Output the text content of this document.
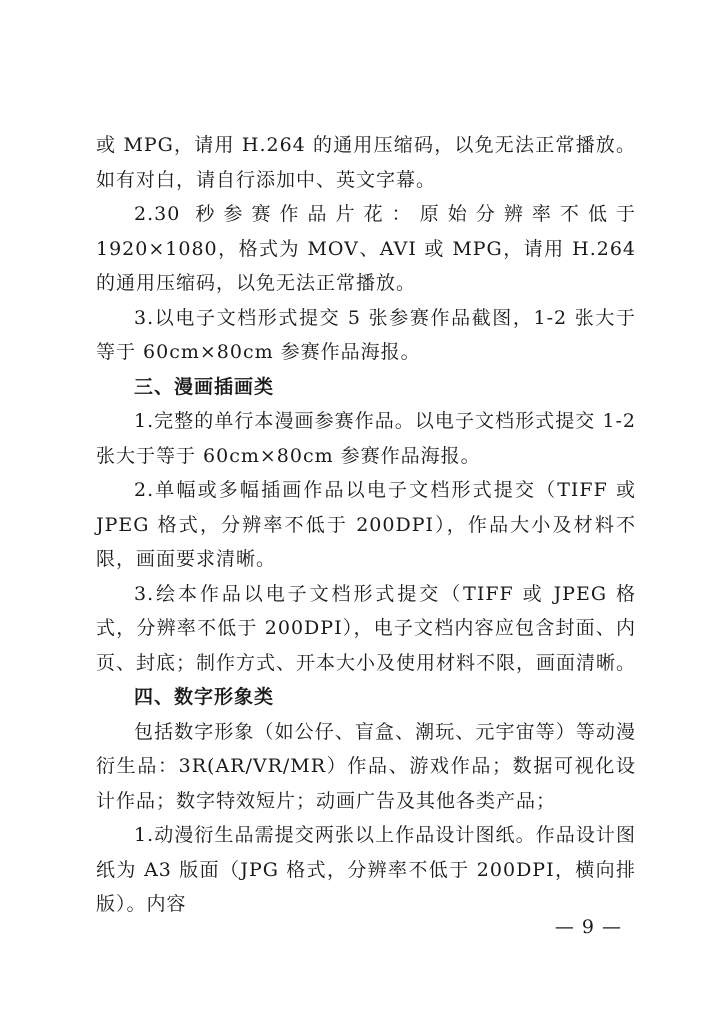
或 MPG，请用 H.264 的通用压缩码，以免无法正常播放。如有对白，请自行添加中、英文字幕。

2.30 秒参赛作品片花：原始分辨率不低于 1920×1080，格式为 MOV、AVI 或 MPG，请用 H.264 的通用压缩码，以免无法正常播放。

3.以电子文档形式提交 5 张参赛作品截图，1-2 张大于等于 60cm×80cm 参赛作品海报。

三、漫画插画类

1.完整的单行本漫画参赛作品。以电子文档形式提交 1-2 张大于等于 60cm×80cm 参赛作品海报。

2.单幅或多幅插画作品以电子文档形式提交（TIFF 或 JPEG 格式，分辨率不低于 200DPI），作品大小及材料不限，画面要求清晰。

3.绘本作品以电子文档形式提交（TIFF 或 JPEG 格式，分辨率不低于 200DPI），电子文档内容应包含封面、内页、封底；制作方式、开本大小及使用材料不限，画面清晰。

四、数字形象类

包括数字形象（如公仔、盲盒、潮玩、元宇宙等）等动漫衍生品：3R(AR/VR/MR）作品、游戏作品；数据可视化设计作品；数字特效短片；动画广告及其他各类产品；

1.动漫衍生品需提交两张以上作品设计图纸。作品设计图纸为 A3 版面（JPG 格式，分辨率不低于 200DPI，横向排版）。内容

— 9 —
